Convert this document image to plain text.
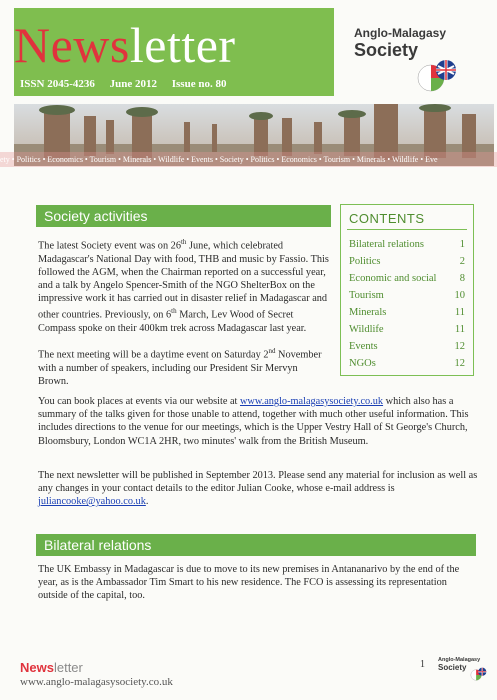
Newsletter
ISSN 2045-4236 June 2012 Issue no. 80
Anglo-Malagasy
Society
ety • Politics • Economics • Tourism • Minerals • Wildlife • Events • Society • Politics • Economics • Tourism • Minerals • Wildlife • Eve
Society activities
The latest Society event was on 26th June, which celebrated Madagascar's National Day with food, THB and music by Fassio. This followed the AGM, when the Chairman reported on a successful year, and a talk by Angelo Spencer-Smith of the NGO ShelterBox on the impressive work it has carried out in disaster relief in Madagascar and other countries. Previously, on 6th March, Lev Wood of Secret Compass spoke on their 400km trek across Madagascar last year.
The next meeting will be a daytime event on Saturday 2nd November with a number of speakers, including our President Sir Mervyn Brown.
You can book places at events via our website at www.anglo-malagasysociety.co.uk which also has a summary of the talks given for those unable to attend, together with much other useful information. This includes directions to the venue for our meetings, which is the Upper Vestry Hall of St George's Church, Bloomsbury, London WC1A 2HR, two minutes' walk from the British Museum.
The next newsletter will be published in September 2013. Please send any material for inclusion as well as any changes in your contact details to the editor Julian Cooke, whose e-mail address is juliancooke@yahoo.co.uk.
CONTENTS
Bilateral relations	1
Politics	2
Economic and social 8
Tourism	10
Minerals	11
Wildlife	11
Events	12
NGOs	12
Bilateral relations
The UK Embassy in Madagascar is due to move to its new premises in Antananarivo by the end of the year, as is the Ambassador Tim Smart to his new residence. The FCO is assessing its representation outside of the capital, too.
Newsletter
www.anglo-malagasysociety.co.uk
1 Anglo-Malagasy
Society
